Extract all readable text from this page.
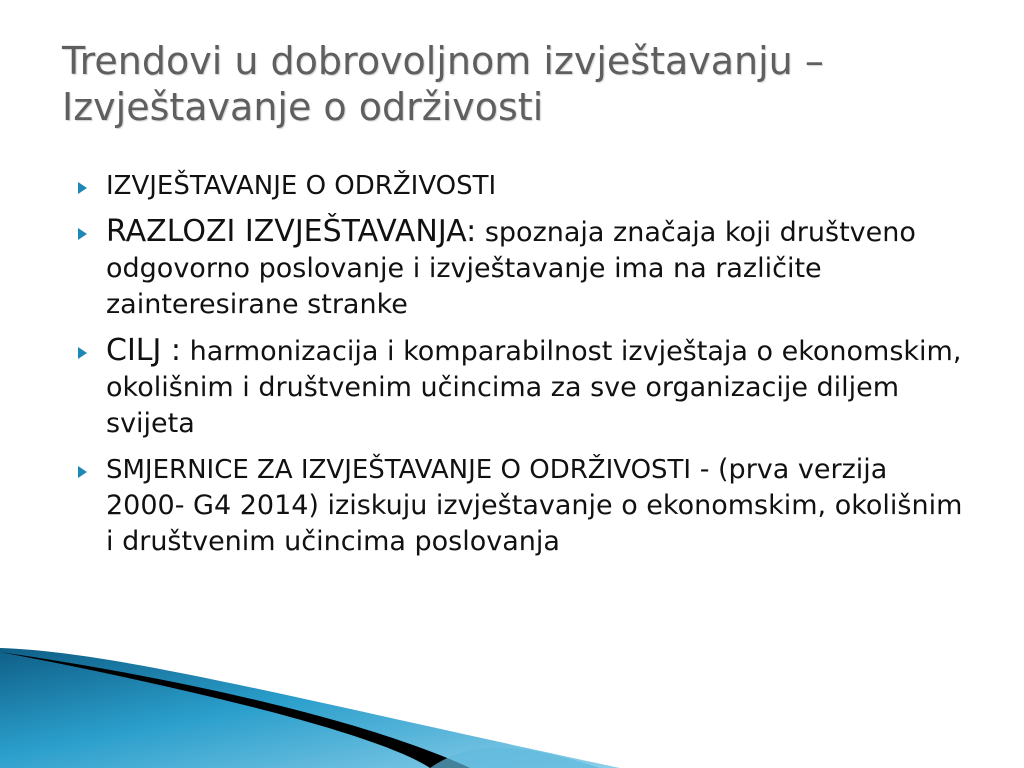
Trendovi u dobrovoljnom izvještavanju –
Izvještavanje o održivosti
IZVJEŠTAVANJE O ODRŽIVOSTI
RAZLOZI IZVJEŠTAVANJA: spoznaja značaja koji društveno odgovorno poslovanje i izvještavanje ima na različite zainteresirane stranke
CILJ : harmonizacija i komparabilnost izvještaja o ekonomskim, okolišnim i društvenim učincima za sve organizacije diljem svijeta
SMJERNICE ZA IZVJEŠTAVANJE O ODRŽIVOSTI - (prva verzija 2000- G4 2014) iziskuju izvještavanje o ekonomskim, okolišnim i društvenim učincima poslovanja
